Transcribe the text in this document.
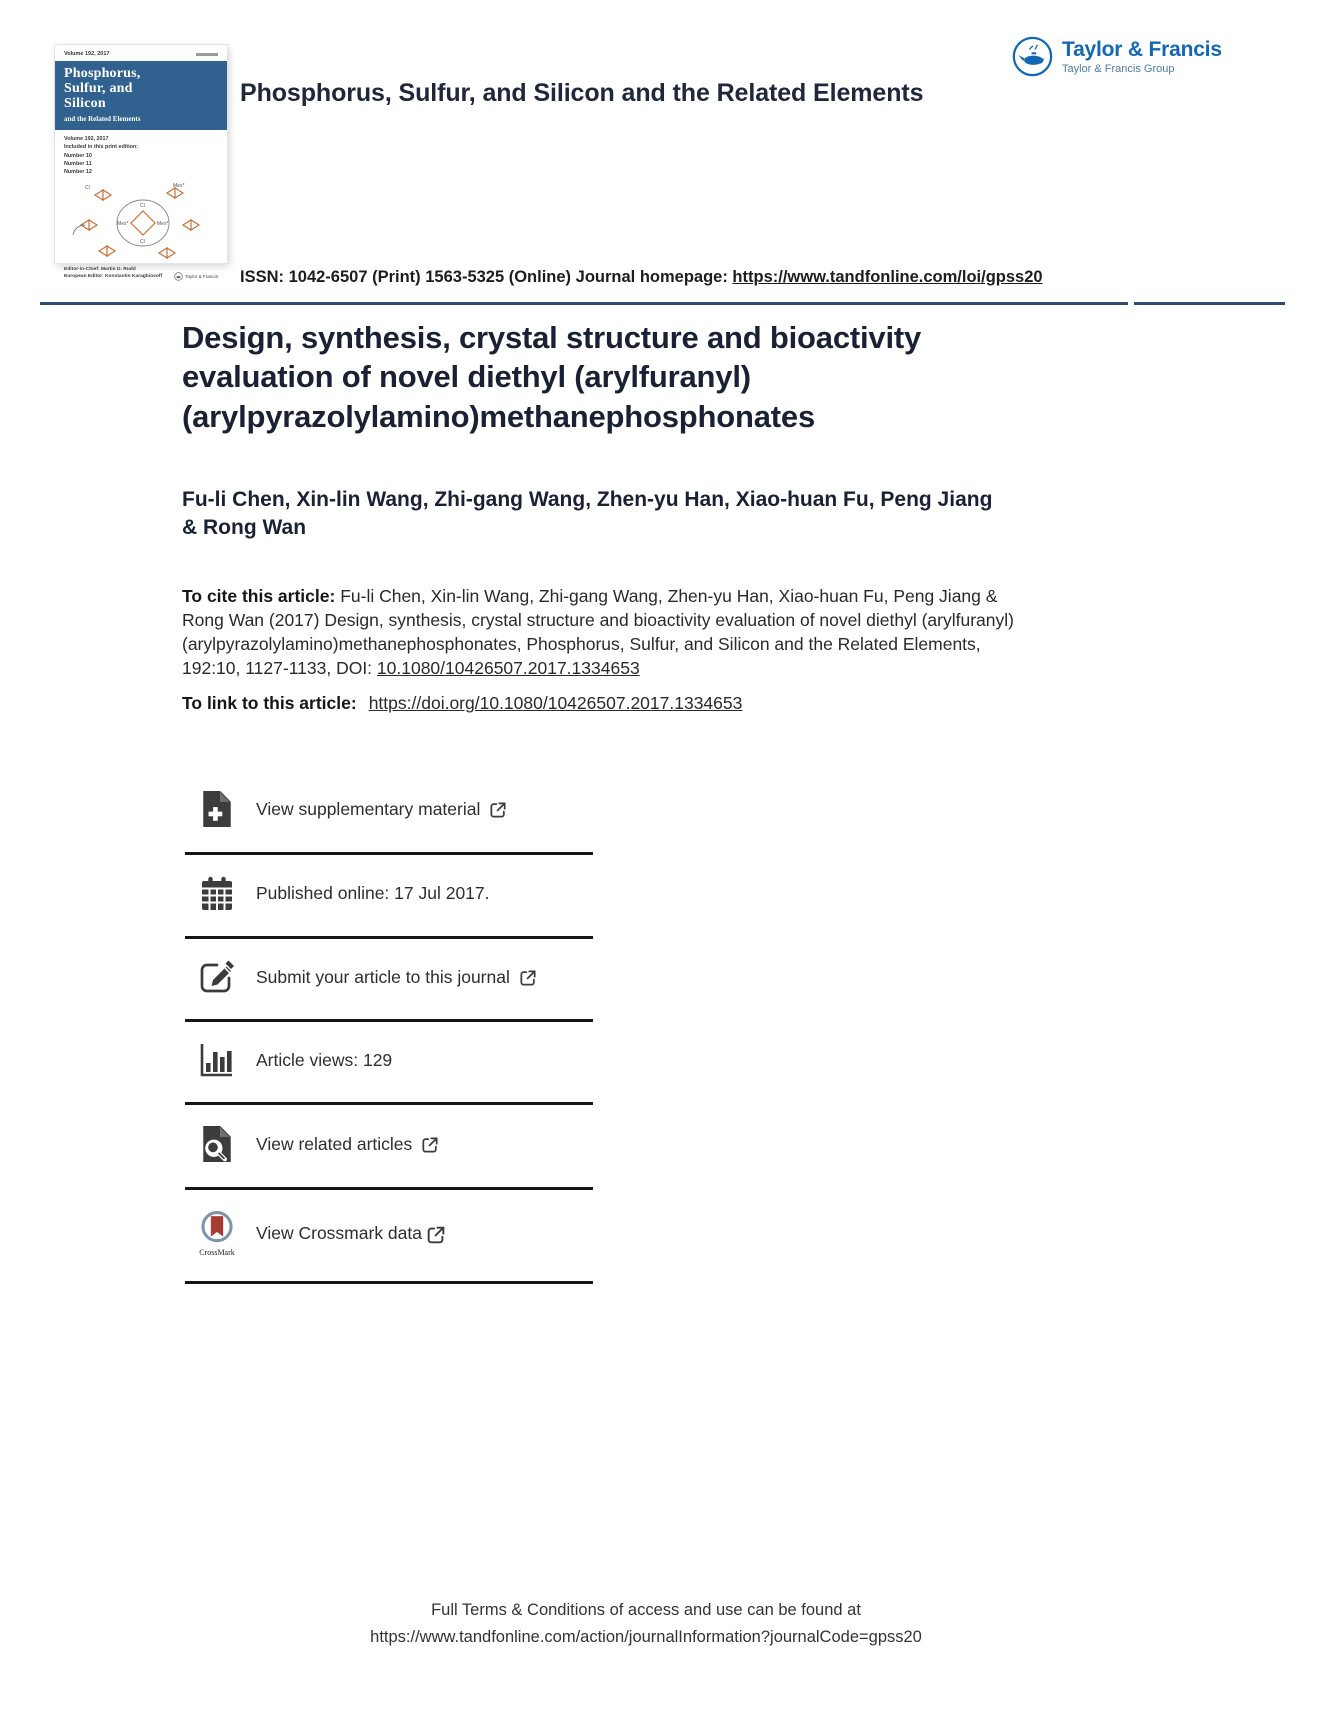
Volume 192, 2017
Phosphorus,
Sulfur, and
Silicon
and the Related Elements
Volume 192, 2017
Included in this print edition:
Number 10
Number 11
Number 12
Cl
Cl
Mes*	Mes*
Cl	Mes*
Editor-in-Chief: Martin D. Rudd
European Editor: Konstantin Karaghiosoff	Taylor & Francis
Phosphorus, Sulfur, and Silicon and the Related Elements
Taylor & Francis
Taylor & Francis Group
ISSN: 1042-6507 (Print) 1563-5325 (Online) Journal homepage: https://www.tandfonline.com/loi/gpss20
Design, synthesis, crystal structure and bioactivity evaluation of novel diethyl (arylfuranyl)(arylpyrazolylamino)methanephosphonates
Fu-li Chen, Xin-lin Wang, Zhi-gang Wang, Zhen-yu Han, Xiao-huan Fu, Peng Jiang & Rong Wan

To cite this article: Fu-li Chen, Xin-lin Wang, Zhi-gang Wang, Zhen-yu Han, Xiao-huan Fu, Peng Jiang & Rong Wan (2017) Design, synthesis, crystal structure and bioactivity evaluation of novel diethyl (arylfuranyl)(arylpyrazolylamino)methanephosphonates, Phosphorus, Sulfur, and Silicon and the Related Elements, 192:10, 1127-1133, DOI: 10.1080/10426507.2017.1334653

To link to this article: https://doi.org/10.1080/10426507.2017.1334653

View supplementary material
Published online: 17 Jul 2017.
Submit your article to this journal
Article views: 129
View related articles
CrossMark
View Crossmark data
Full Terms & Conditions of access and use can be found at
https://www.tandfonline.com/action/journalInformation?journalCode=gpss20
